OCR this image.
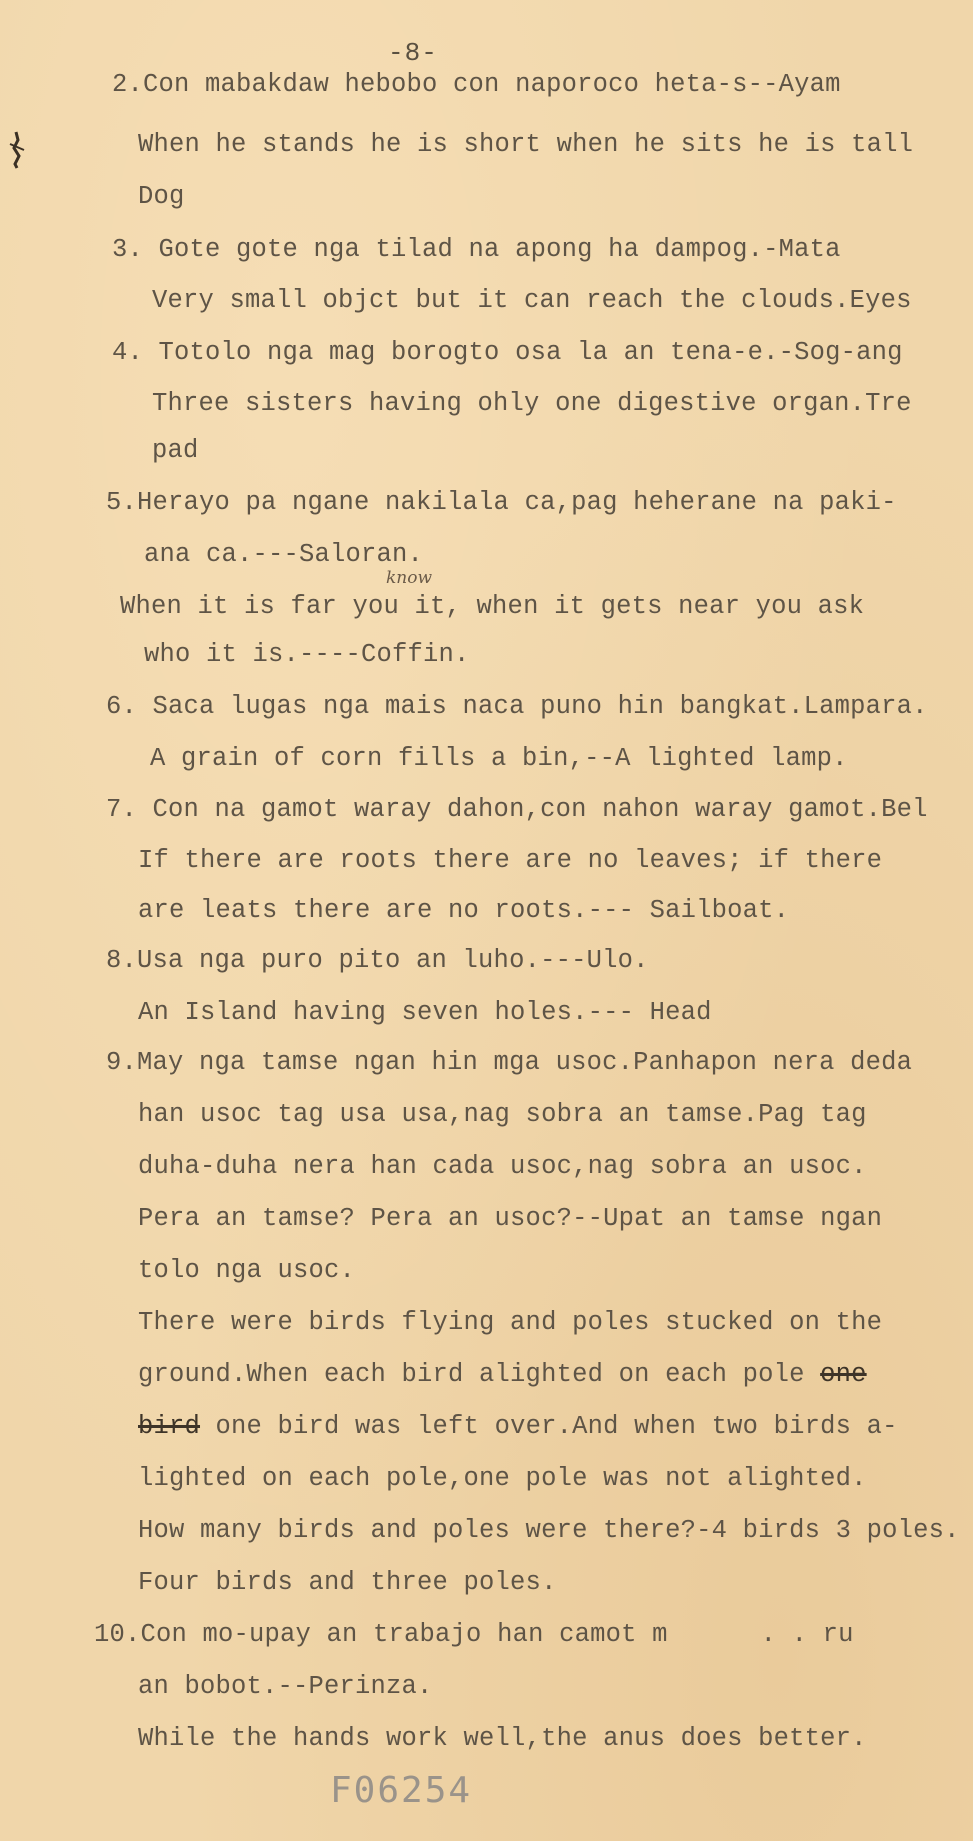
-8-
2.Con mabakdaw hebobo con naporoco heta-s--Ayam
When he stands he is short when he sits he is tall
Dog
3. Gote gote nga tilad na apong ha dampog.-Mata
Very small objct but it can reach the clouds.Eyes
4. Totolo nga mag borogto osa la an tena-e.-Sog-ang
Three sisters having ohly one digestive organ.Tre
pad
5.Herayo pa ngane nakilala ca,pag heherane na paki-
ana ca.---Saloran.
When it is far you it, when it gets near you ask
know
who it is.----Coffin.
6. Saca lugas nga mais naca puno hin bangkat.Lampara.
A grain of corn fills a bin,--A lighted lamp.
7. Con na gamot waray dahon,con nahon waray gamot.Bel
If there are roots there are no leaves; if there
are leats there are no roots.--- Sailboat.
8.Usa nga puro pito an luho.---Ulo.
An Island having seven holes.--- Head
9.May nga tamse ngan hin mga usoc.Panhapon nera deda
han usoc tag usa usa,nag sobra an tamse.Pag tag
duha-duha nera han cada usoc,nag sobra an usoc.
Pera an tamse? Pera an usoc?--Upat an tamse ngan
tolo nga usoc.
There were birds flying and poles stucked on the
ground.When each bird alighted on each pole one
bird one bird was left over.And when two birds a-
lighted on each pole,one pole was not alighted.
How many birds and poles were there?-4 birds 3 poles.
Four birds and three poles.
10.Con mo-upay an trabajo han camot m      . . ru
an bobot.--Perinza.
While the hands work well,the anus does better.
F06254
